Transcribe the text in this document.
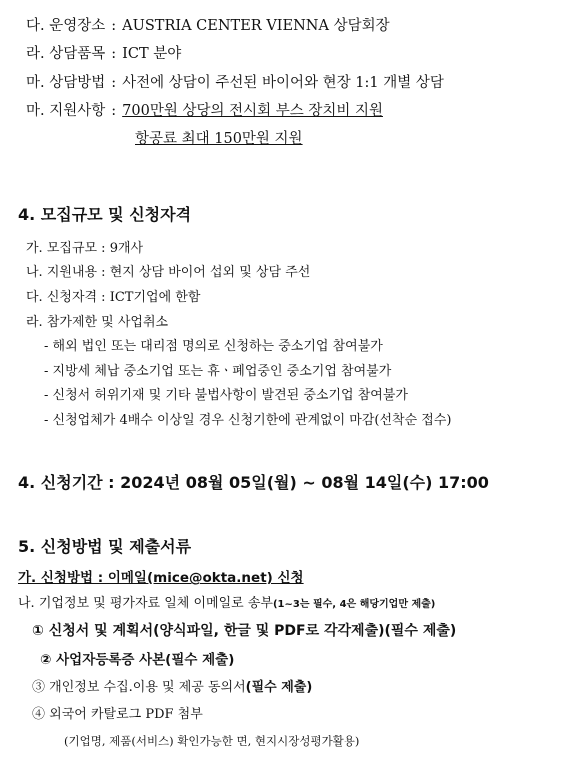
다. 운영장소 : AUSTRIA CENTER VIENNA 상담회장
라. 상담품목 : ICT 분야
마. 상담방법 : 사전에 상담이 주선된 바이어와 현장 1:1 개별 상담
마. 지원사항 : 700만원 상당의 전시회 부스 장치비 지원
항공료 최대 150만원 지원
4. 모집규모 및 신청자격
가. 모집규모 : 9개사
나. 지원내용 : 현지 상담 바이어 섭외 및 상담 주선
다. 신청자격 : ICT기업에 한함
라. 참가제한 및 사업취소
- 해외 법인 또는 대리점 명의로 신청하는 중소기업 참여불가
- 지방세 체납 중소기업 또는 휴ㆍ폐업중인 중소기업 참여불가
- 신청서 허위기재 및 기타 불법사항이 발견된 중소기업 참여불가
- 신청업체가 4배수 이상일 경우 신청기한에 관계없이 마감(선착순 접수)
4. 신청기간 : 2024년 08월 05일(월) ~ 08월 14일(수) 17:00
5. 신청방법 및 제출서류
가. 신청방법 : 이메일(mice@okta.net) 신청
나. 기업정보 및 평가자료 일체 이메일로 송부(1~3는 필수, 4은 해당기업만 제출)
① 신청서 및 계획서(양식파일, 한글 및 PDF로 각각제출)(필수 제출)
② 사업자등록증 사본(필수 제출)
③ 개인정보 수집.이용 및 제공 동의서(필수 제출)
④ 외국어 카탈로그 PDF 첨부
(기업명, 제품(서비스) 확인가능한 면, 현지시장성평가활용)
